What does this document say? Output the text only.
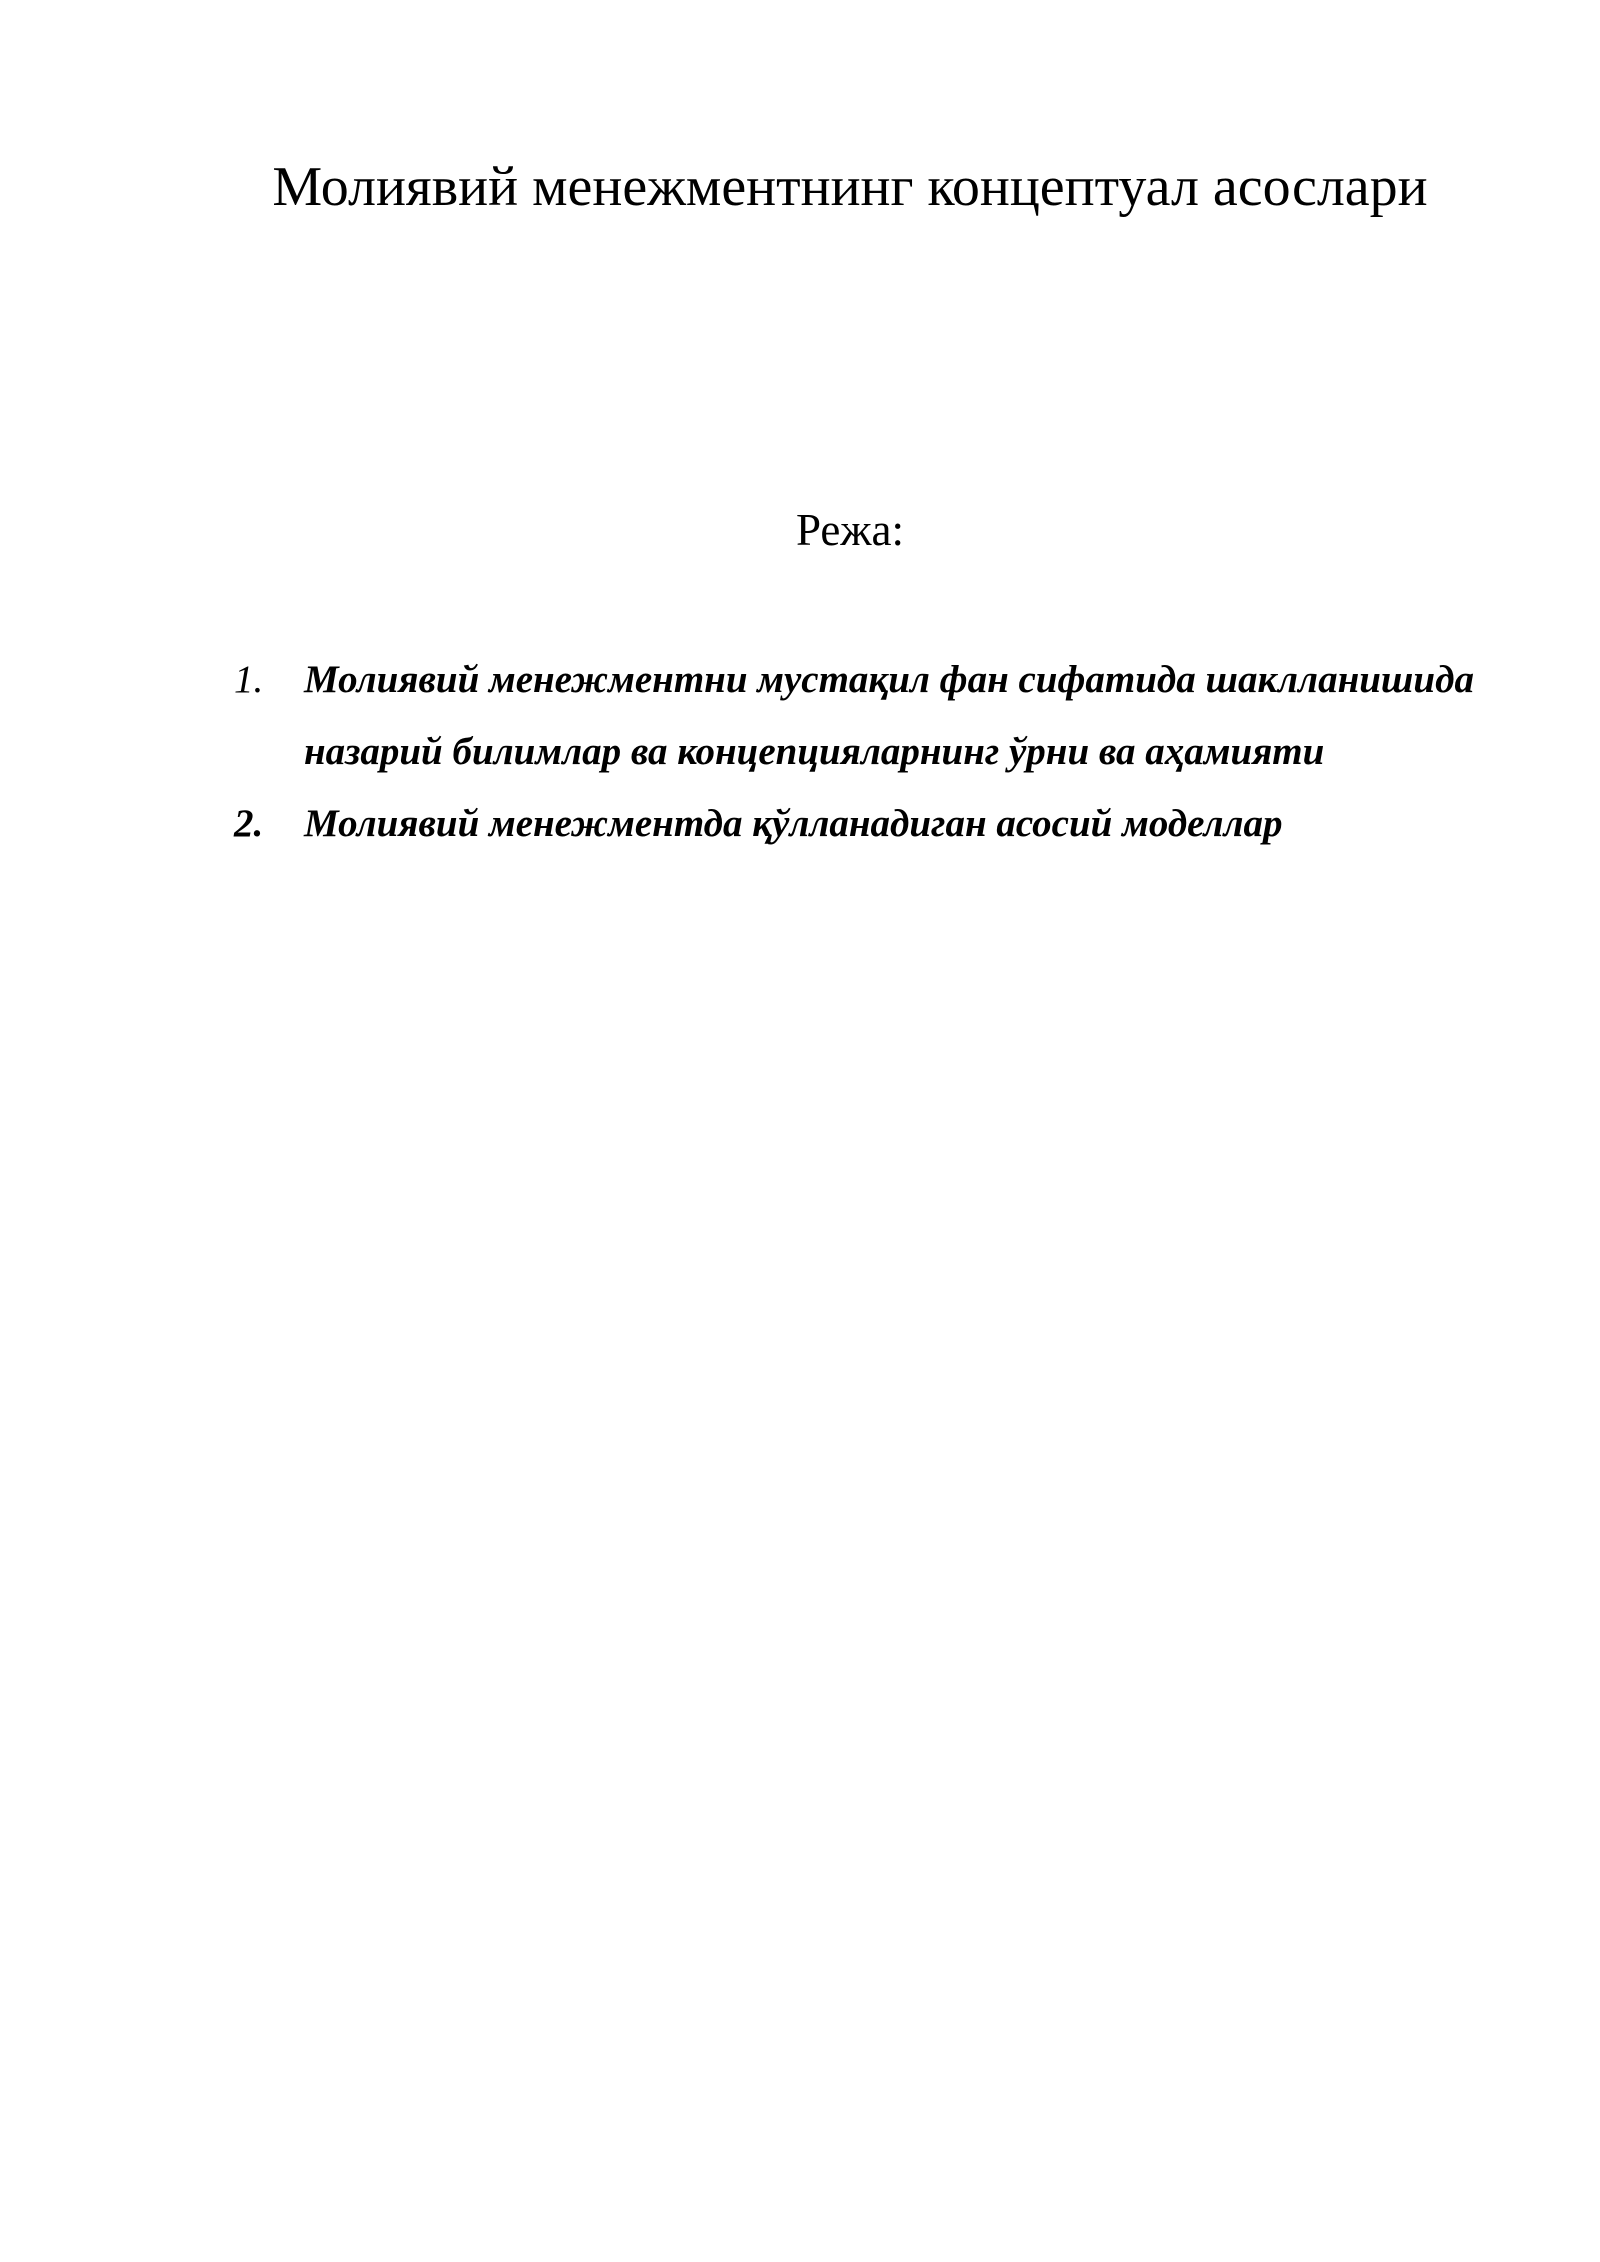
Молиявий менежментнинг концептуал асослари

Режа:

1. Молиявий менежментни мустақил фан сифатида шаклланишида назарий билимлар ва концепцияларнинг ўрни ва аҳамияти
2. Молиявий менежментда қўлланадиган асосий моделлар
